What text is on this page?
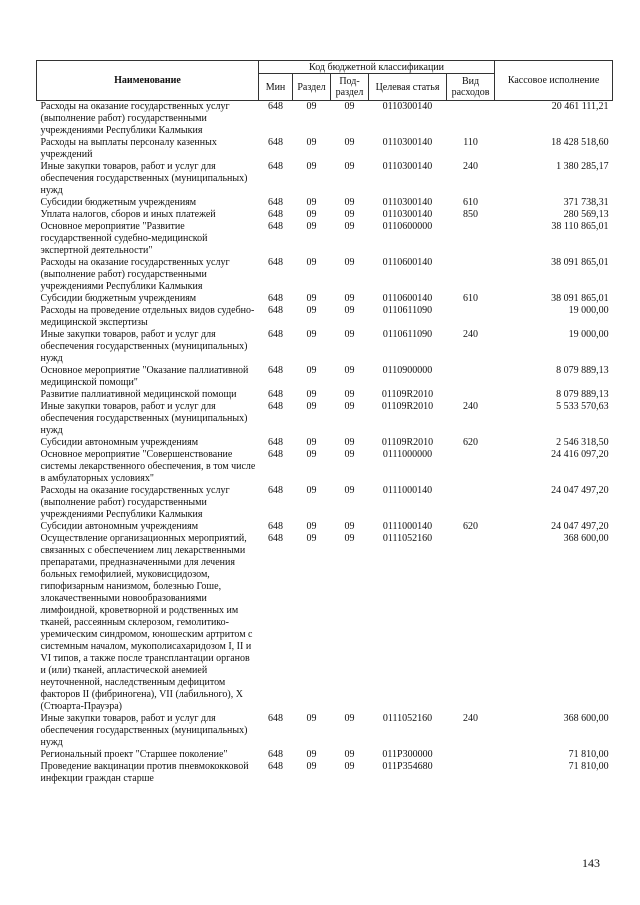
Наименование	Код бюджетной классификации					Кассовое исполнение
	Мин	Раздел	Под-раздел	Целевая статья	Вид расходов	
Расходы на оказание государственных услуг (выполнение работ) государственными учреждениями Республики Калмыкия	648	09	09	0110300140		20 461 111,21
Расходы на выплаты персоналу казенных учреждений	648	09	09	0110300140	110	18 428 518,60
Иные закупки товаров, работ и услуг для обеспечения государственных (муниципальных) нужд	648	09	09	0110300140	240	1 380 285,17
Субсидии бюджетным учреждениям	648	09	09	0110300140	610	371 738,31
Уплата налогов, сборов и иных платежей	648	09	09	0110300140	850	280 569,13
Основное мероприятие "Развитие государственной судебно-медицинской экспертной деятельности"	648	09	09	0110600000		38 110 865,01
Расходы на оказание государственных услуг (выполнение работ) государственными учреждениями Республики Калмыкия	648	09	09	0110600140		38 091 865,01
Субсидии бюджетным учреждениям	648	09	09	0110600140	610	38 091 865,01
Расходы на проведение отдельных видов судебно-медицинской экспертизы	648	09	09	0110611090		19 000,00
Иные закупки товаров, работ и услуг для обеспечения государственных (муниципальных) нужд	648	09	09	0110611090	240	19 000,00
Основное мероприятие "Оказание паллиативной медицинской помощи"	648	09	09	0110900000		8 079 889,13
Развитие паллиативной медицинской помощи	648	09	09	01109R2010		8 079 889,13
Иные закупки товаров, работ и услуг для обеспечения государственных (муниципальных) нужд	648	09	09	01109R2010	240	5 533 570,63
Субсидии автономным учреждениям	648	09	09	01109R2010	620	2 546 318,50
Основное мероприятие "Совершенствование системы лекарственного обеспечения, в том числе в амбулаторных условиях"	648	09	09	0111000000		24 416 097,20
Расходы на оказание государственных услуг (выполнение работ) государственными учреждениями Республики Калмыкия	648	09	09	0111000140		24 047 497,20
Субсидии автономным учреждениям	648	09	09	0111000140	620	24 047 497,20
Осуществление организационных мероприятий, связанных с обеспечением лиц лекарственными препаратами, предназначенными для лечения больных гемофилией, муковисцидозом, гипофизарным нанизмом, болезнью Гоше, злокачественными новообразованиями лимфоидной, кроветворной и родственных им тканей, рассеянным склерозом, гемолитико-уремическим синдромом, юношеским артритом с системным началом, мукополисахаридозом I, II и VI типов, а также после трансплантации органов и (или) тканей, апластической анемией неуточненной, наследственным дефицитом факторов II (фибриногена), VII (лабильного), X (Стюарта-Прауэра)	648	09	09	0111052160		368 600,00
Иные закупки товаров, работ и услуг для обеспечения государственных (муниципальных) нужд	648	09	09	0111052160	240	368 600,00
Региональный проект "Старшее поколение"	648	09	09	011P300000		71 810,00
Проведение вакцинации против пневмококковой инфекции граждан старше	648	09	09	011P354680		71 810,00
143
